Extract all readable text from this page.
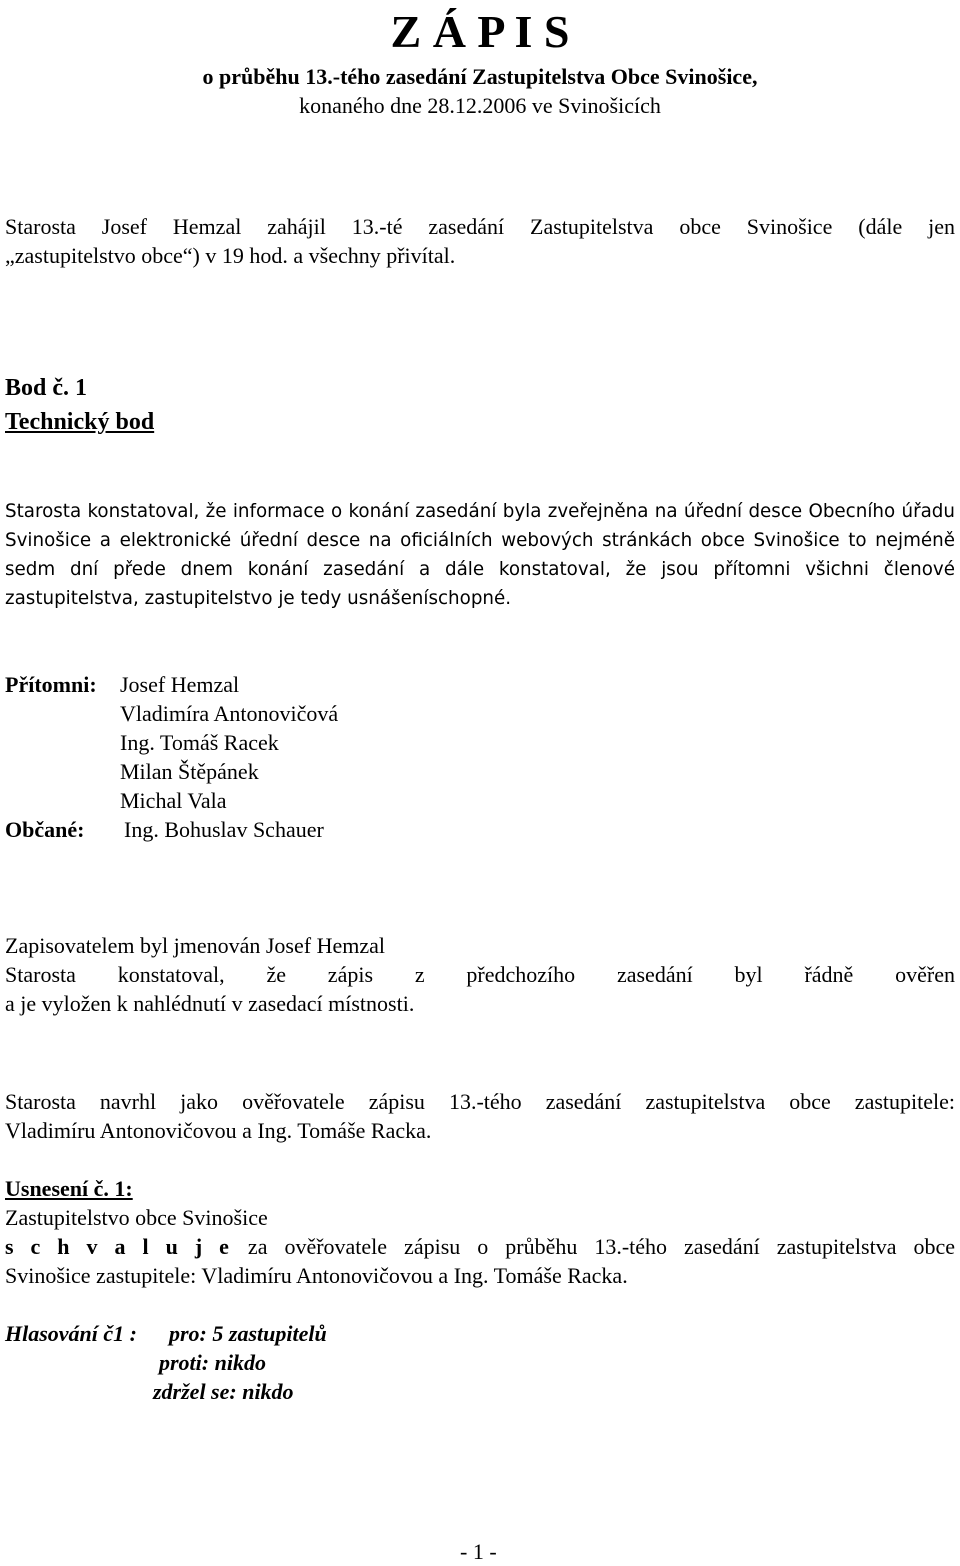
Z Á P I S
o průběhu 13.-tého zasedání Zastupitelstva Obce Svinošice,
konaného dne 28.12.2006 ve Svinošicích
Starosta Josef Hemzal zahájil 13.-té zasedání Zastupitelstva obce Svinošice (dále jen
„zastupitelstvo obce“) v 19 hod. a všechny přivítal.
Bod č. 1
Technický bod
Starosta konstatoval, že informace o konání zasedání byla zveřejněna na úřední desce Obecního úřadu Svinošice a elektronické úřední desce na oficiálních webových stránkách obce Svinošice to nejméně sedm dní přede dnem konání zasedání a dále konstatoval, že jsou přítomni všichni členové zastupitelstva, zastupitelstvo je tedy usnášeníschopné.
Přítomni: Josef Hemzal
Vladimíra Antonovičová
Ing. Tomáš Racek
Milan Štěpánek
Michal Vala
Občané: Ing. Bohuslav Schauer
Zapisovatelem byl jmenován Josef Hemzal
Starosta konstatoval, že zápis z předchozího zasedání byl řádně ověřen
a je vyložen k nahlédnutí v zasedací místnosti.
Starosta navrhl jako ověřovatele zápisu 13.-tého zasedání zastupitelstva obce zastupitele:
Vladimíru Antonovičovou a Ing. Tomáše Racka.
Usnesení č. 1:
Zastupitelstvo obce Svinošice
s c h v a l u j e za ověřovatele zápisu o průběhu 13.-tého zasedání zastupitelstva obce
Svinošice zastupitele: Vladimíru Antonovičovou a Ing. Tomáše Racka.
Hlasování č1 : pro: 5 zastupitelů
proti: nikdo
zdržel se: nikdo
- 1 -
